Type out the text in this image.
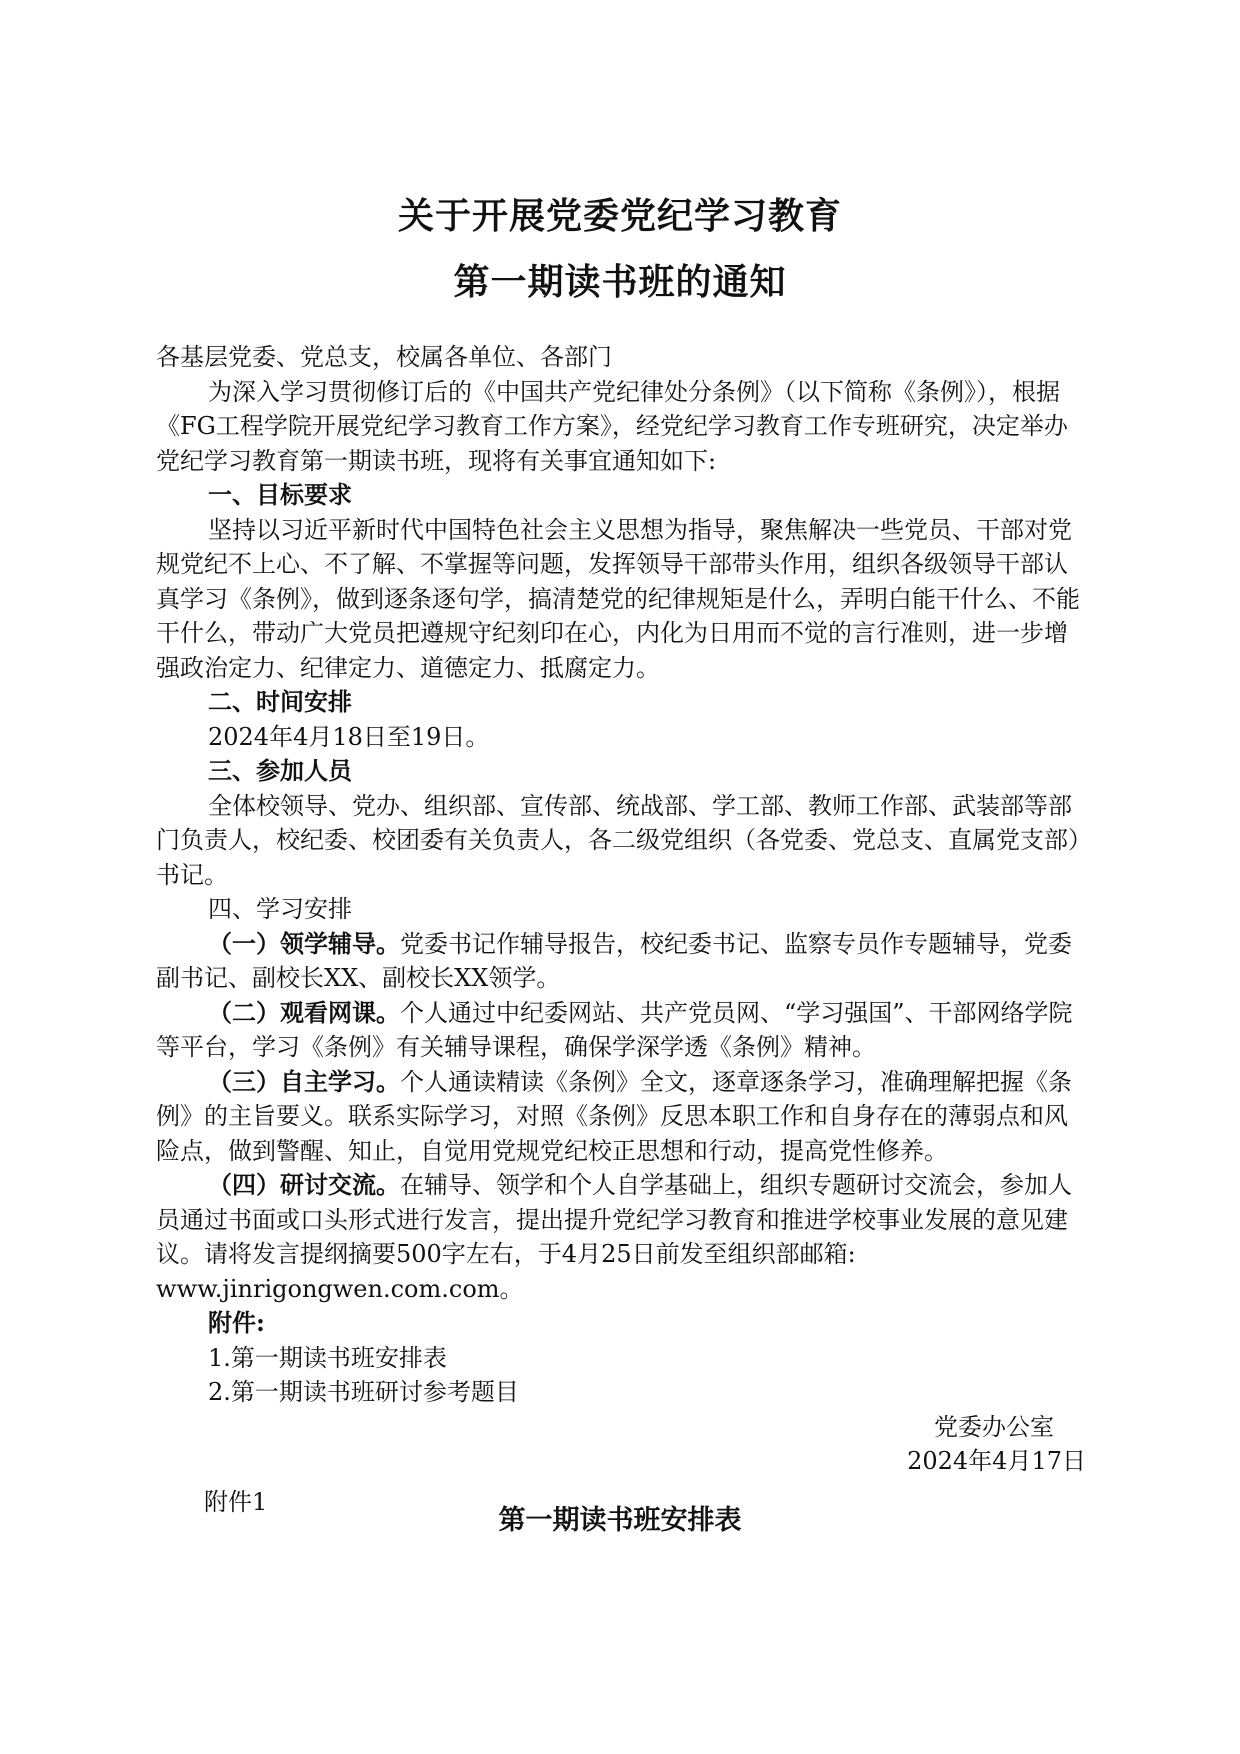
关于开展党委党纪学习教育
第一期读书班的通知

各基层党委、党总支，校属各单位、各部门

为深入学习贯彻修订后的《中国共产党纪律处分条例》（以下简称《条例》），根据《FG工程学院开展党纪学习教育工作方案》，经党纪学习教育工作专班研究，决定举办党纪学习教育第一期读书班，现将有关事宜通知如下:

一、目标要求

坚持以习近平新时代中国特色社会主义思想为指导，聚焦解决一些党员、干部对党规党纪不上心、不了解、不掌握等问题，发挥领导干部带头作用，组织各级领导干部认真学习《条例》，做到逐条逐句学，搞清楚党的纪律规矩是什么，弄明白能干什么、不能干什么，带动广大党员把遵规守纪刻印在心，内化为日用而不觉的言行准则，进一步增强政治定力、纪律定力、道德定力、抵腐定力。

二、时间安排

2024年4月18日至19日。

三、参加人员

全体校领导、党办、组织部、宣传部、统战部、学工部、教师工作部、武装部等部门负责人，校纪委、校团委有关负责人，各二级党组织（各党委、党总支、直属党支部）书记。

四、学习安排

（一）领学辅导。党委书记作辅导报告，校纪委书记、监察专员作专题辅导，党委副书记、副校长XX、副校长XX领学。

（二）观看网课。个人通过中纪委网站、共产党员网、“学习强国”、干部网络学院等平台，学习《条例》有关辅导课程，确保学深学透《条例》精神。

（三）自主学习。个人通读精读《条例》全文，逐章逐条学习，准确理解把握《条例》的主旨要义。联系实际学习，对照《条例》反思本职工作和自身存在的薄弱点和风险点，做到警醒、知止，自觉用党规党纪校正思想和行动，提高党性修养。

（四）研讨交流。在辅导、领学和个人自学基础上，组织专题研讨交流会，参加人员通过书面或口头形式进行发言，提出提升党纪学习教育和推进学校事业发展的意见建议。请将发言提纲摘要500字左右，于4月25日前发至组织部邮箱: www.jinrigongwen.com.com。

附件:

1.第一期读书班安排表

2.第一期读书班研讨参考题目

党委办公室

2024年4月17日

附件1

第一期读书班安排表
